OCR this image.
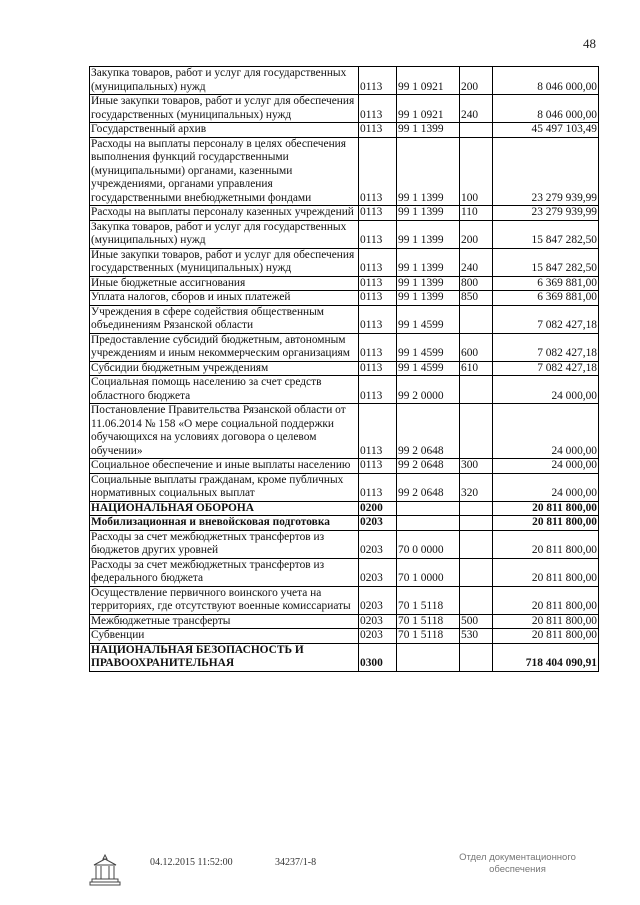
48
Закупка товаров, работ и услуг для государственных (муниципальных) нужд	0113	99 1 0921	200	8 046 000,00
Иные закупки товаров, работ и услуг для обеспечения государственных (муниципальных) нужд	0113	99 1 0921	240	8 046 000,00
Государственный архив	0113	99 1 1399		45 497 103,49
Расходы на выплаты персоналу в целях обеспечения выполнения функций государственными (муниципальными) органами, казенными учреждениями, органами управления государственными внебюджетными фондами	0113	99 1 1399	100	23 279 939,99
Расходы на выплаты персоналу казенных учреждений	0113	99 1 1399	110	23 279 939,99
Закупка товаров, работ и услуг для государственных (муниципальных) нужд	0113	99 1 1399	200	15 847 282,50
Иные закупки товаров, работ и услуг для обеспечения государственных (муниципальных) нужд	0113	99 1 1399	240	15 847 282,50
Иные бюджетные ассигнования	0113	99 1 1399	800	6 369 881,00
Уплата налогов, сборов и иных платежей	0113	99 1 1399	850	6 369 881,00
Учреждения в сфере содействия общественным объединениям Рязанской области	0113	99 1 4599		7 082 427,18
Предоставление субсидий бюджетным, автономным учреждениям и иным некоммерческим организациям	0113	99 1 4599	600	7 082 427,18
Субсидии бюджетным учреждениям	0113	99 1 4599	610	7 082 427,18
Социальная помощь населению за счет средств областного бюджета	0113	99 2 0000		24 000,00
Постановление Правительства Рязанской области от 11.06.2014 № 158 «О мере социальной поддержки обучающихся на условиях договора о целевом обучении»	0113	99 2 0648		24 000,00
Социальное обеспечение и иные выплаты населению	0113	99 2 0648	300	24 000,00
Социальные выплаты гражданам, кроме публичных нормативных социальных выплат	0113	99 2 0648	320	24 000,00
НАЦИОНАЛЬНАЯ ОБОРОНА	0200			20 811 800,00
Мобилизационная и вневойсковая подготовка	0203			20 811 800,00
Расходы за счет межбюджетных трансфертов из бюджетов других уровней	0203	70 0 0000		20 811 800,00
Расходы за счет межбюджетных трансфертов из федерального бюджета	0203	70 1 0000		20 811 800,00
Осуществление первичного воинского учета на территориях, где отсутствуют военные комиссариаты	0203	70 1 5118		20 811 800,00
Межбюджетные трансферты	0203	70 1 5118	500	20 811 800,00
Субвенции	0203	70 1 5118	530	20 811 800,00
НАЦИОНАЛЬНАЯ БЕЗОПАСНОСТЬ И ПРАВООХРАНИТЕЛЬНАЯ	0300			718 404 090,91
04.12.2015 11:52:00	34237/1-8	Отдел документационного обеспечения
